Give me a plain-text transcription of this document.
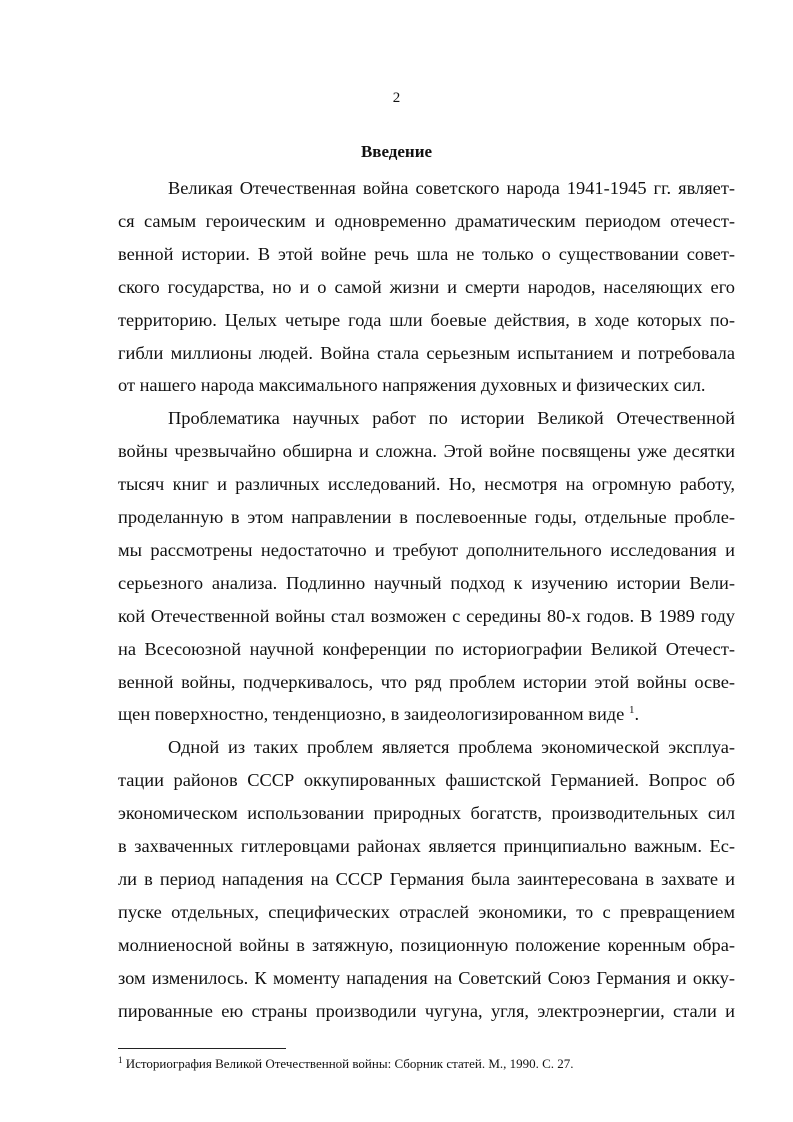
2
Введение
Великая Отечественная война советского народа 1941-1945 гг. являет-
ся самым героическим и одновременно драматическим периодом отечест-
венной истории. В этой войне речь шла не только о существовании совет-
ского государства, но и о самой жизни и смерти народов, населяющих его
территорию. Целых четыре года шли боевые действия, в ходе которых по-
гибли миллионы людей. Война стала серьезным испытанием и потребовала
от нашего народа максимального напряжения духовных и физических сил.
Проблематика научных работ по истории Великой Отечественной
войны чрезвычайно обширна и сложна. Этой войне посвящены уже десятки
тысяч книг и различных исследований. Но, несмотря на огромную работу,
проделанную в этом направлении в послевоенные годы, отдельные пробле-
мы рассмотрены недостаточно и требуют дополнительного исследования и
серьезного анализа. Подлинно научный подход к изучению истории Вели-
кой Отечественной войны стал возможен с середины 80-х годов. В 1989 году
на Всесоюзной научной конференции по историографии Великой Отечест-
венной войны, подчеркивалось, что ряд проблем истории этой войны осве-
щен поверхностно, тенденциозно, в заидеологизированном виде $^1$.
Одной из таких проблем является проблема экономической эксплуа-
тации районов СССР оккупированных фашистской Германией. Вопрос об
экономическом использовании природных богатств, производительных сил
в захваченных гитлеровцами районах является принципиально важным. Ес-
ли в период нападения на СССР Германия была заинтересована в захвате и
пуске отдельных, специфических отраслей экономики, то с превращением
молниеносной войны в затяжную, позиционную положение коренным обра-
зом изменилось. К моменту нападения на Советский Союз Германия и окку-
пированные ею страны производили чугуна, угля, электроэнергии, стали и
$^1$ Историография Великой Отечественной войны: Сборник статей. М., 1990. С. 27.
